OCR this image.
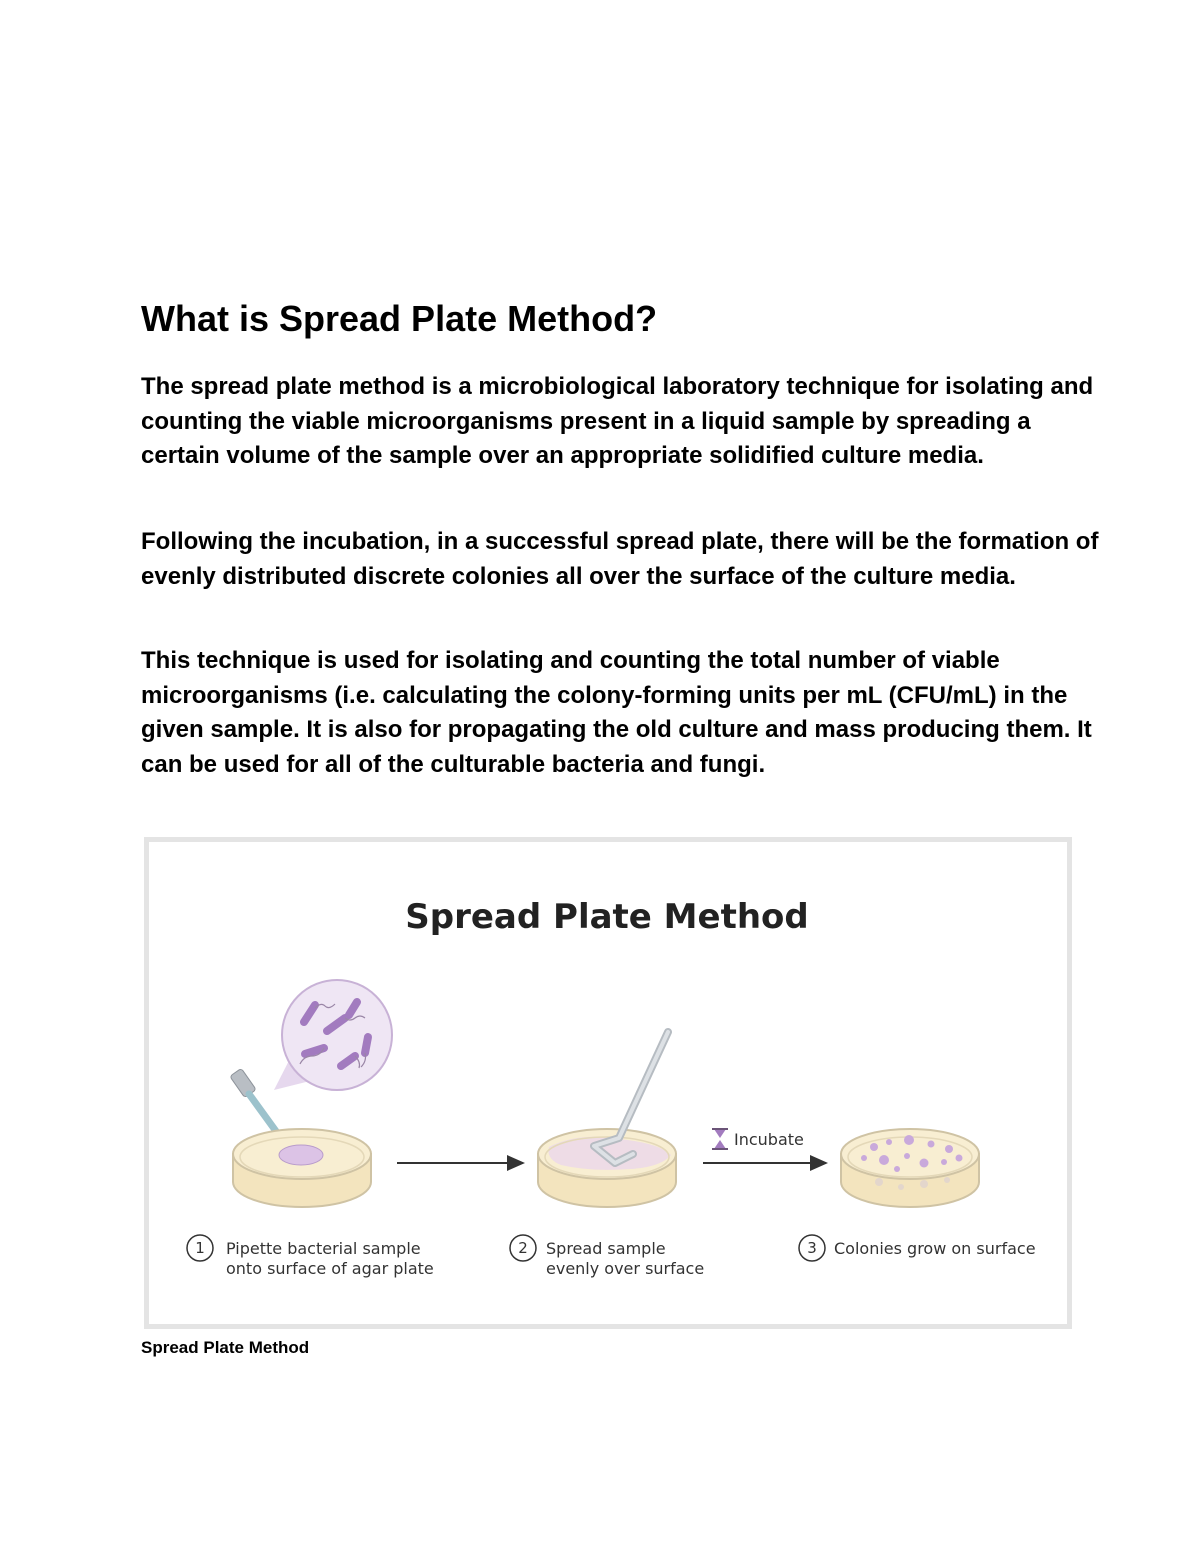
What is Spread Plate Method?

The spread plate method is a microbiological laboratory technique for isolating and counting the viable microorganisms present in a liquid sample by spreading a certain volume of the sample over an appropriate solidified culture media.

Following the incubation, in a successful spread plate, there will be the formation of evenly distributed discrete colonies all over the surface of the culture media.

This technique is used for isolating and counting the total number of viable microorganisms (i.e. calculating the colony-forming units per mL (CFU/mL) in the given sample. It is also for propagating the old culture and mass producing them. It can be used for all of the culturable bacteria and fungi.

Spread Plate Method
Incubate
1 Pipette bacterial sample
onto surface of agar plate
2 Spread sample
evenly over surface
3 Colonies grow on surface

Spread Plate Method
